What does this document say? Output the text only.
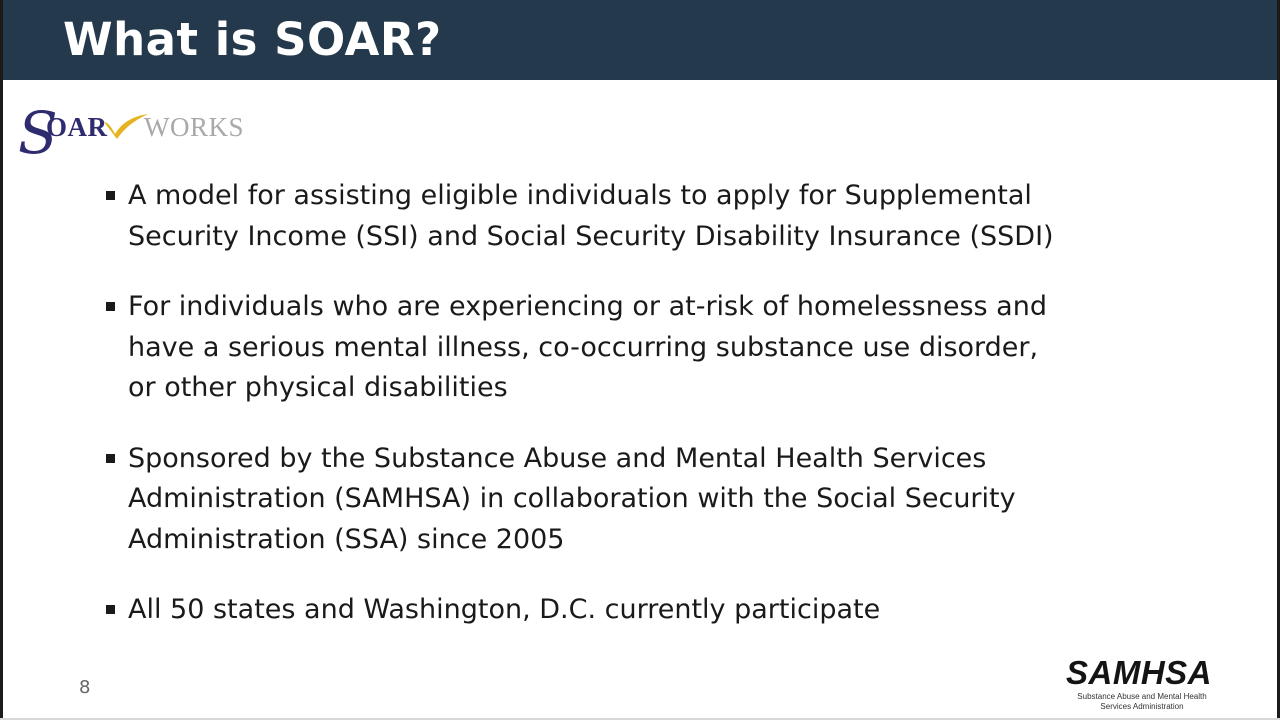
What is SOAR?
S
OAR WORKS
A model for assisting eligible individuals to apply for Supplemental
Security Income (SSI) and Social Security Disability Insurance (SSDI)
For individuals who are experiencing or at-risk of homelessness and
have a serious mental illness, co-occurring substance use disorder,
or other physical disabilities
Sponsored by the Substance Abuse and Mental Health Services
Administration (SAMHSA) in collaboration with the Social Security
Administration (SSA) since 2005
All 50 states and Washington, D.C. currently participate
8	SAMHSA
Substance Abuse and Mental Health
Services Administration
